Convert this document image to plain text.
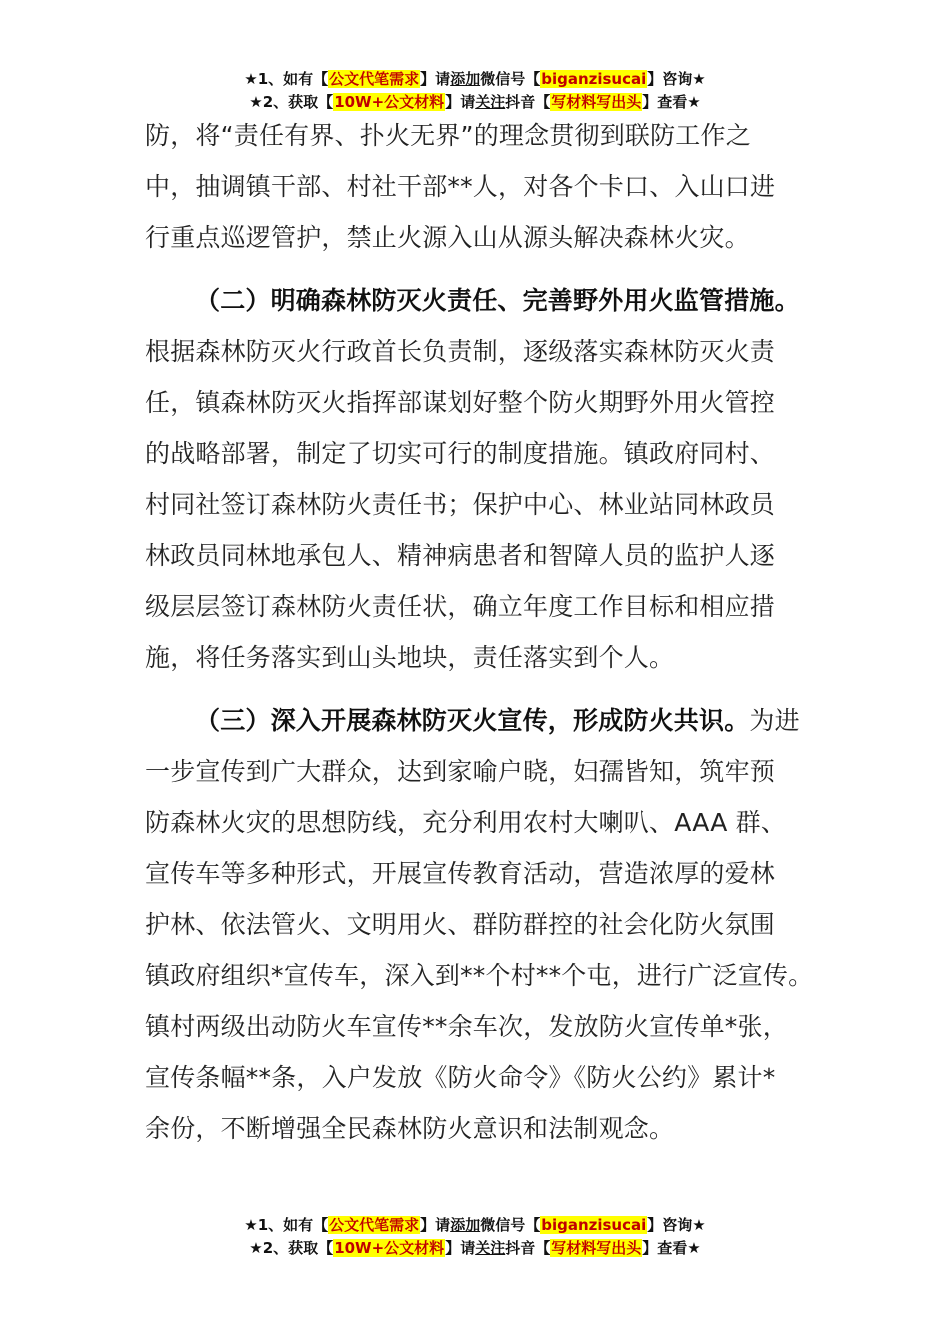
★1、如有【公文代笔需求】请添加微信号【biganzisucai】咨询★
★2、获取【10W+公文材料】请关注抖音【写材料写出头】查看★
防，将“责任有界、扑火无界”的理念贯彻到联防工作之
中，抽调镇干部、村社干部**人，对各个卡口、入山口进
行重点巡逻管护，禁止火源入山从源头解决森林火灾。
（二）明确森林防灭火责任、完善野外用火监管措施。
根据森林防灭火行政首长负责制，逐级落实森林防灭火责
任，镇森林防灭火指挥部谋划好整个防火期野外用火管控
的战略部署，制定了切实可行的制度措施。镇政府同村、
村同社签订森林防火责任书；保护中心、林业站同林政员
林政员同林地承包人、精神病患者和智障人员的监护人逐
级层层签订森林防火责任状，确立年度工作目标和相应措
施，将任务落实到山头地块，责任落实到个人。
（三）深入开展森林防灭火宣传，形成防火共识。为进
一步宣传到广大群众，达到家喻户晓，妇孺皆知，筑牢预
防森林火灾的思想防线，充分利用农村大喇叭、AAA 群、
宣传车等多种形式，开展宣传教育活动，营造浓厚的爱林
护林、依法管火、文明用火、群防群控的社会化防火氛围
镇政府组织*宣传车，深入到**个村**个屯，进行广泛宣传。
镇村两级出动防火车宣传**余车次，发放防火宣传单*张，
宣传条幅**条，入户发放《防火命令》《防火公约》累计*
余份，不断增强全民森林防火意识和法制观念。
★1、如有【公文代笔需求】请添加微信号【biganzisucai】咨询★
★2、获取【10W+公文材料】请关注抖音【写材料写出头】查看★
